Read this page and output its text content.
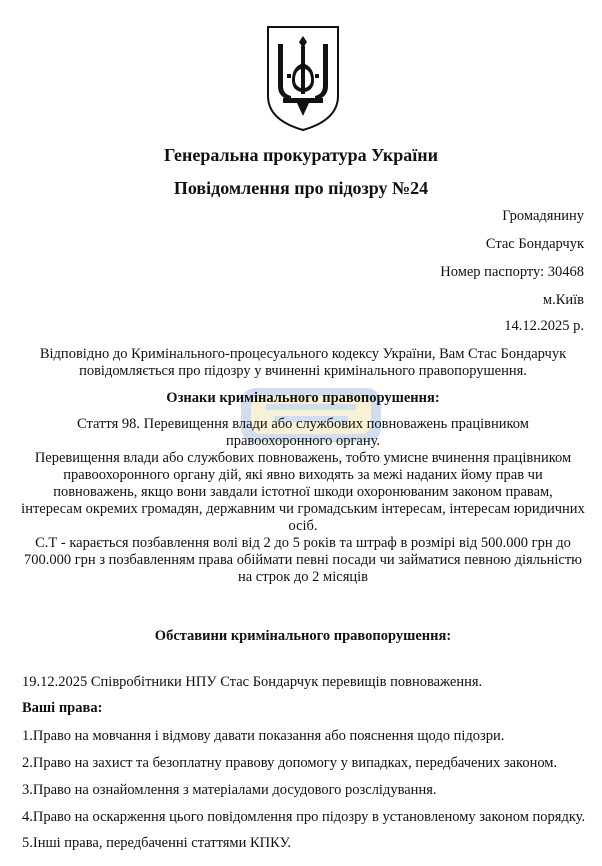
Генеральна прокуратура України
Повідомлення про підозру №24
Громадянину
Стас Бондарчук
Номер паспорту: 30468
м.Київ
14.12.2025 р.
Відповідно до Кримінального-процесуального кодексу України, Вам Стас Бондарчук
повідомляється про підозру у вчиненні кримінального правопорушення.
Ознаки кримінального правопорушення:
Стаття 98. Перевищення влади або службових повноважень працівником
правоохоронного органу.
Перевищення влади або службових повноважень, тобто умисне вчинення працівником
правоохоронного органу дій, які явно виходять за межі наданих йому прав чи
повноважень, якщо вони завдали істотної шкоди охоронюваним законом правам,
інтересам окремих громадян, державним чи громадським інтересам, інтересам юридичних
осіб.
С.Т - карається позбавлення волі від 2 до 5 років та штраф в розмірі від 500.000 грн до
700.000 грн з позбавленням права обіймати певні посади чи займатися певною діяльністю
на строк до 2 місяців
Обставини кримінального правопорушення:
19.12.2025 Співробітники НПУ Стас Бондарчук перевищів повноваження.
Ваші права:
1.Право на мовчання і відмову давати показання або пояснення щодо підозри.
2.Право на захист та безоплатну правову допомогу у випадках, передбачених законом.
3.Право на ознайомлення з матеріалами досудового розслідування.
4.Право на оскарження цього повідомлення про підозру в установленому законом порядку.
5.Інші права, передбаченні статтями КПКУ.
